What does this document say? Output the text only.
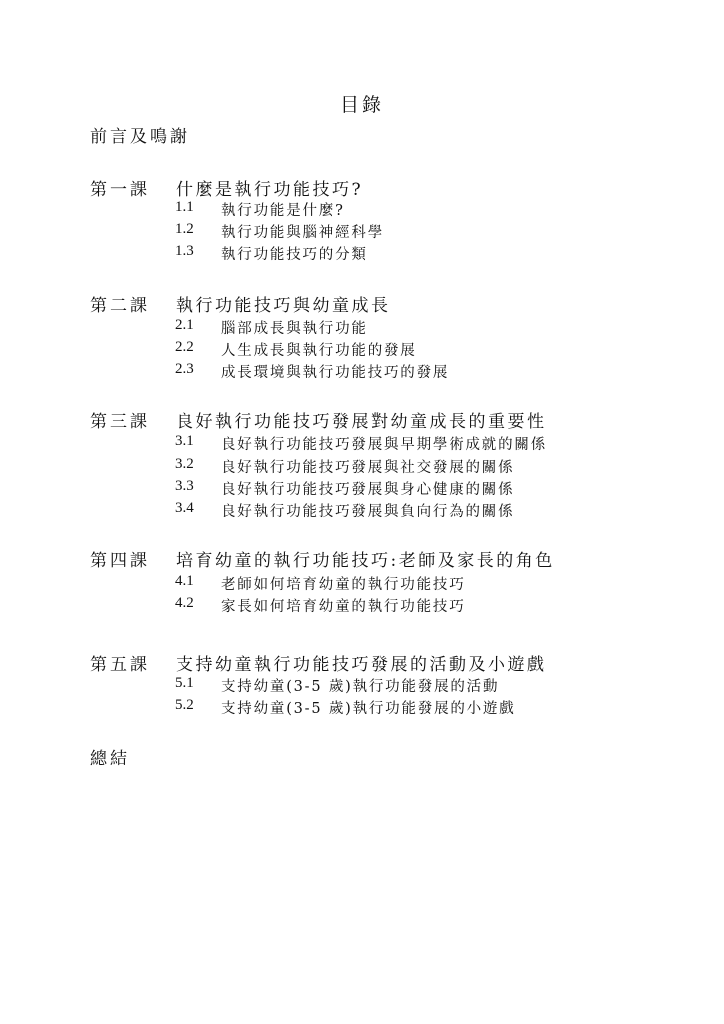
目錄
前言及鳴謝
第一課 什麼是執行功能技巧?
1.1 執行功能是什麼?
1.2 執行功能與腦神經科學
1.3 執行功能技巧的分類
第二課 執行功能技巧與幼童成長
2.1 腦部成長與執行功能
2.2 人生成長與執行功能的發展
2.3 成長環境與執行功能技巧的發展
第三課 良好執行功能技巧發展對幼童成長的重要性
3.1 良好執行功能技巧發展與早期學術成就的關係
3.2 良好執行功能技巧發展與社交發展的關係
3.3 良好執行功能技巧發展與身心健康的關係
3.4 良好執行功能技巧發展與負向行為的關係
第四課 培育幼童的執行功能技巧:老師及家長的角色
4.1 老師如何培育幼童的執行功能技巧
4.2 家長如何培育幼童的執行功能技巧
第五課 支持幼童執行功能技巧發展的活動及小遊戲
5.1 支持幼童(3-5 歲)執行功能發展的活動
5.2 支持幼童(3-5 歲)執行功能發展的小遊戲
總結
